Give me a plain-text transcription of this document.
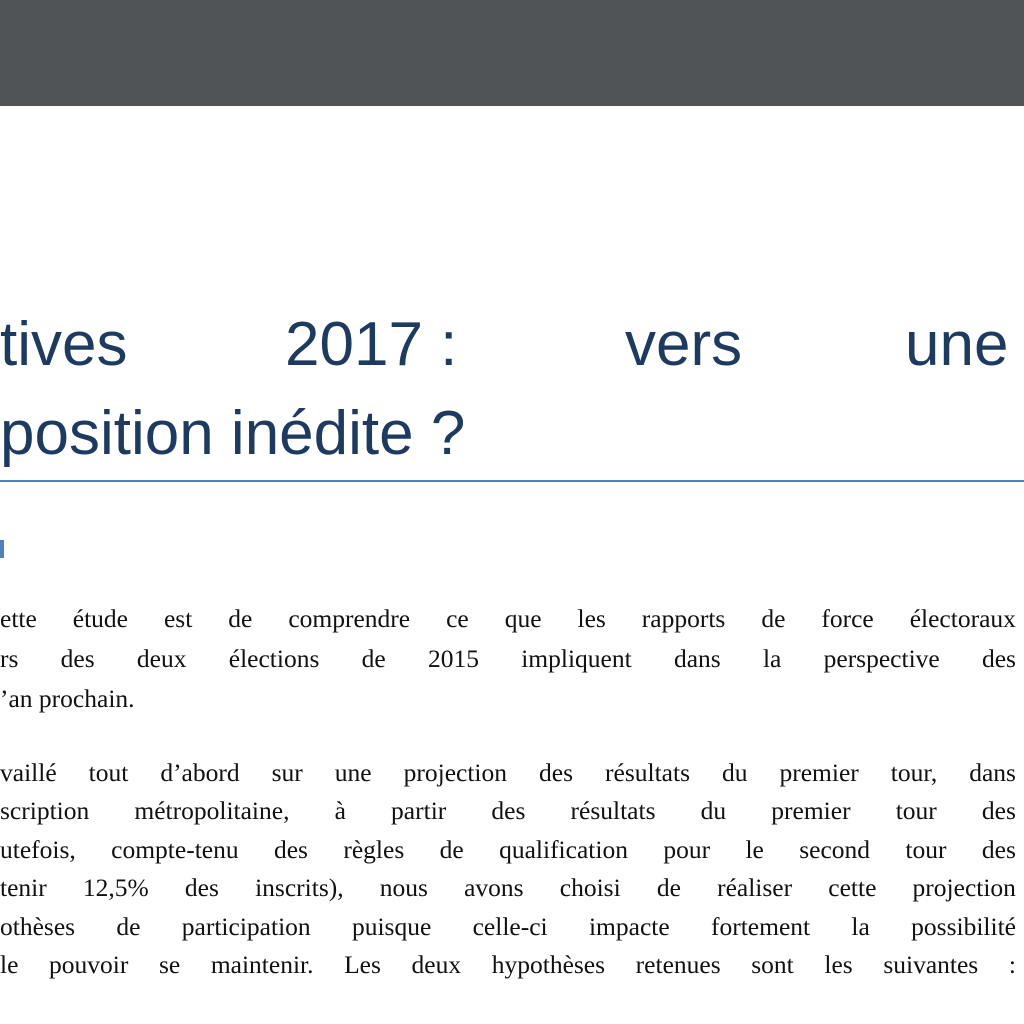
tives	2017 :	vers	une
position inédite ?
ette étude est de comprendre ce que les rapports de force électoraux
rs des deux élections de 2015 impliquent dans la perspective des
’an prochain.
vaillé tout d’abord sur une projection des résultats du premier tour, dans
scription métropolitaine, à partir des résultats du premier tour des
utefois, compte-tenu des règles de qualification pour le second tour des
tenir 12,5% des inscrits), nous avons choisi de réaliser cette projection
othèses de participation puisque celle-ci impacte fortement la possibilité
le pouvoir se maintenir. Les deux hypothèses retenues sont les suivantes :
